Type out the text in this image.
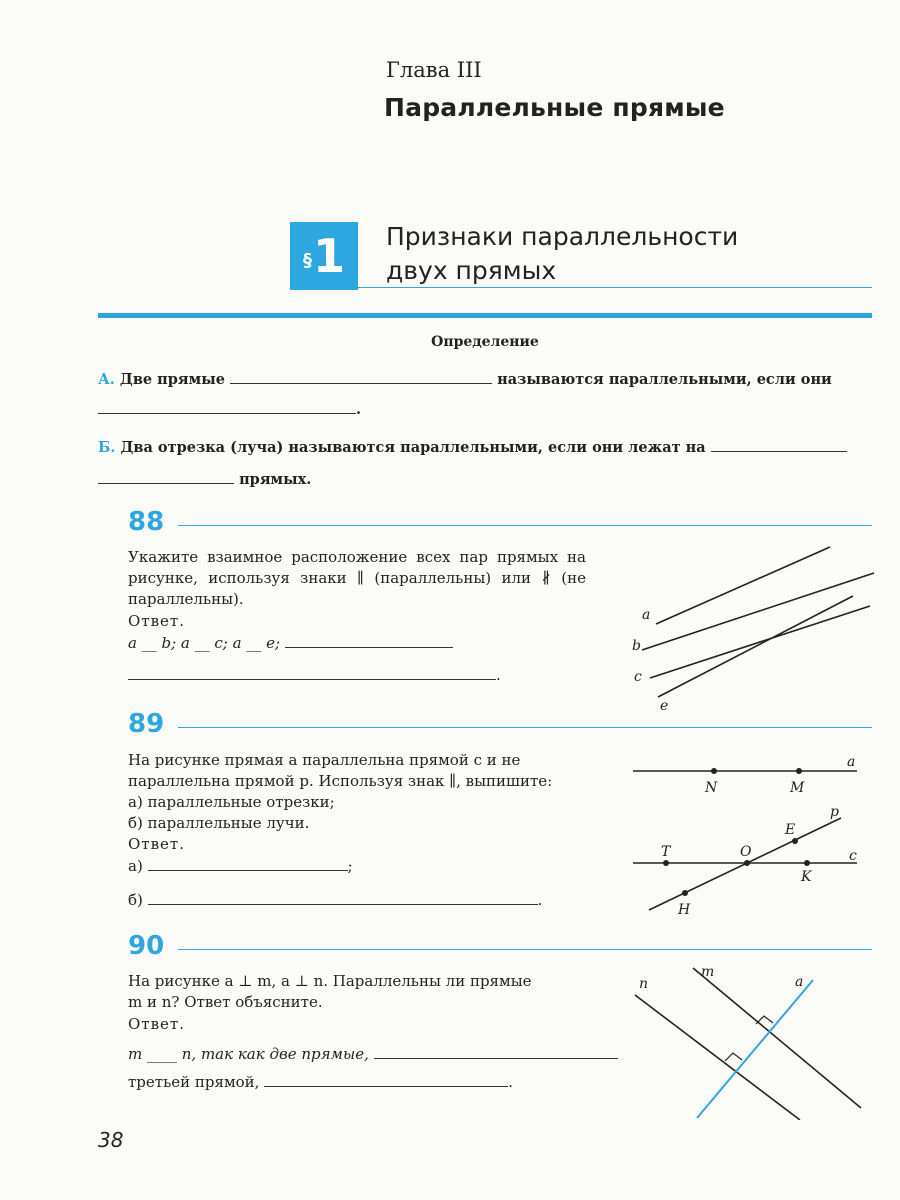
Глава III
Параллельные прямые
§ 1 Признаки параллельности
двух прямых
Определение
А. Две прямые	называются параллельными, если они
.
Б. Два отрезка (луча) называются параллельными, если они лежат на
прямых.
88
Укажите взаимное расположение всех пар прямых на рисунке, используя знаки ∥ (параллельны) или ∦ (не параллельны).
Ответ.
a __ b; a __ c; a __ e;
.
a
b
c
e
89
На рисунке прямая a параллельна прямой c и не
параллельна прямой p. Используя знак ∥, выпишите:
а) параллельные отрезки;
б) параллельные лучи.
Ответ.
а)	;
б)	.
a
N	M
p
E
T	O	c
K
H
90
На рисунке a ⊥ m, a ⊥ n. Параллельны ли прямые
m и n? Ответ объясните.
Ответ.
m ____ n, так как две прямые,
третьей прямой,	.
n
m
a
38
